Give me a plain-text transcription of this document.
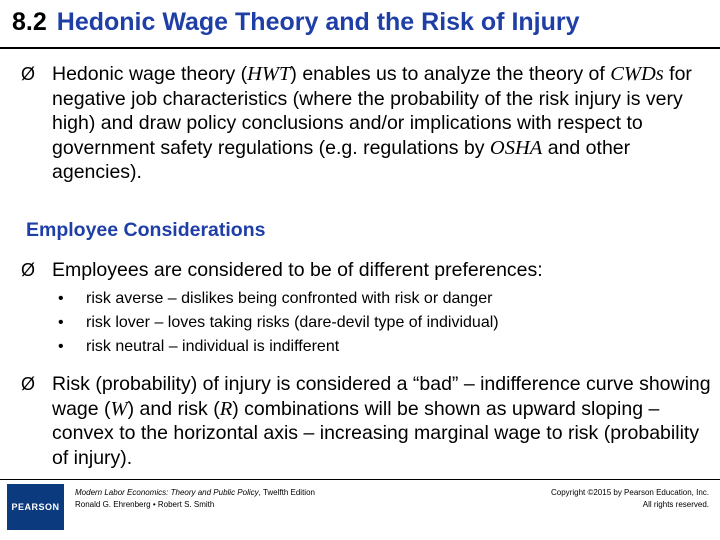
8.2 Hedonic Wage Theory and the Risk of Injury
Ø Hedonic wage theory (HWT) enables us to analyze the theory of CWDs for negative job characteristics (where the probability of the risk injury is very high) and draw policy conclusions and/or implications with respect to government safety regulations (e.g. regulations by OSHA and other agencies).
Employee Considerations
Ø Employees are considered to be of different preferences:
• risk averse – dislikes being confronted with risk or danger
• risk lover – loves taking risks (dare-devil type of individual)
• risk neutral – individual is indifferent
Ø Risk (probability) of injury is considered a “bad” – indifference curve showing wage (W) and risk (R) combinations will be shown as upward sloping – convex to the horizontal axis – increasing marginal wage to risk (probability of injury).
PEARSON
Modern Labor Economics: Theory and Public Policy, Twelfth Edition
Ronald G. Ehrenberg • Robert S. Smith
Copyright ©2015 by Pearson Education, Inc.
All rights reserved.
